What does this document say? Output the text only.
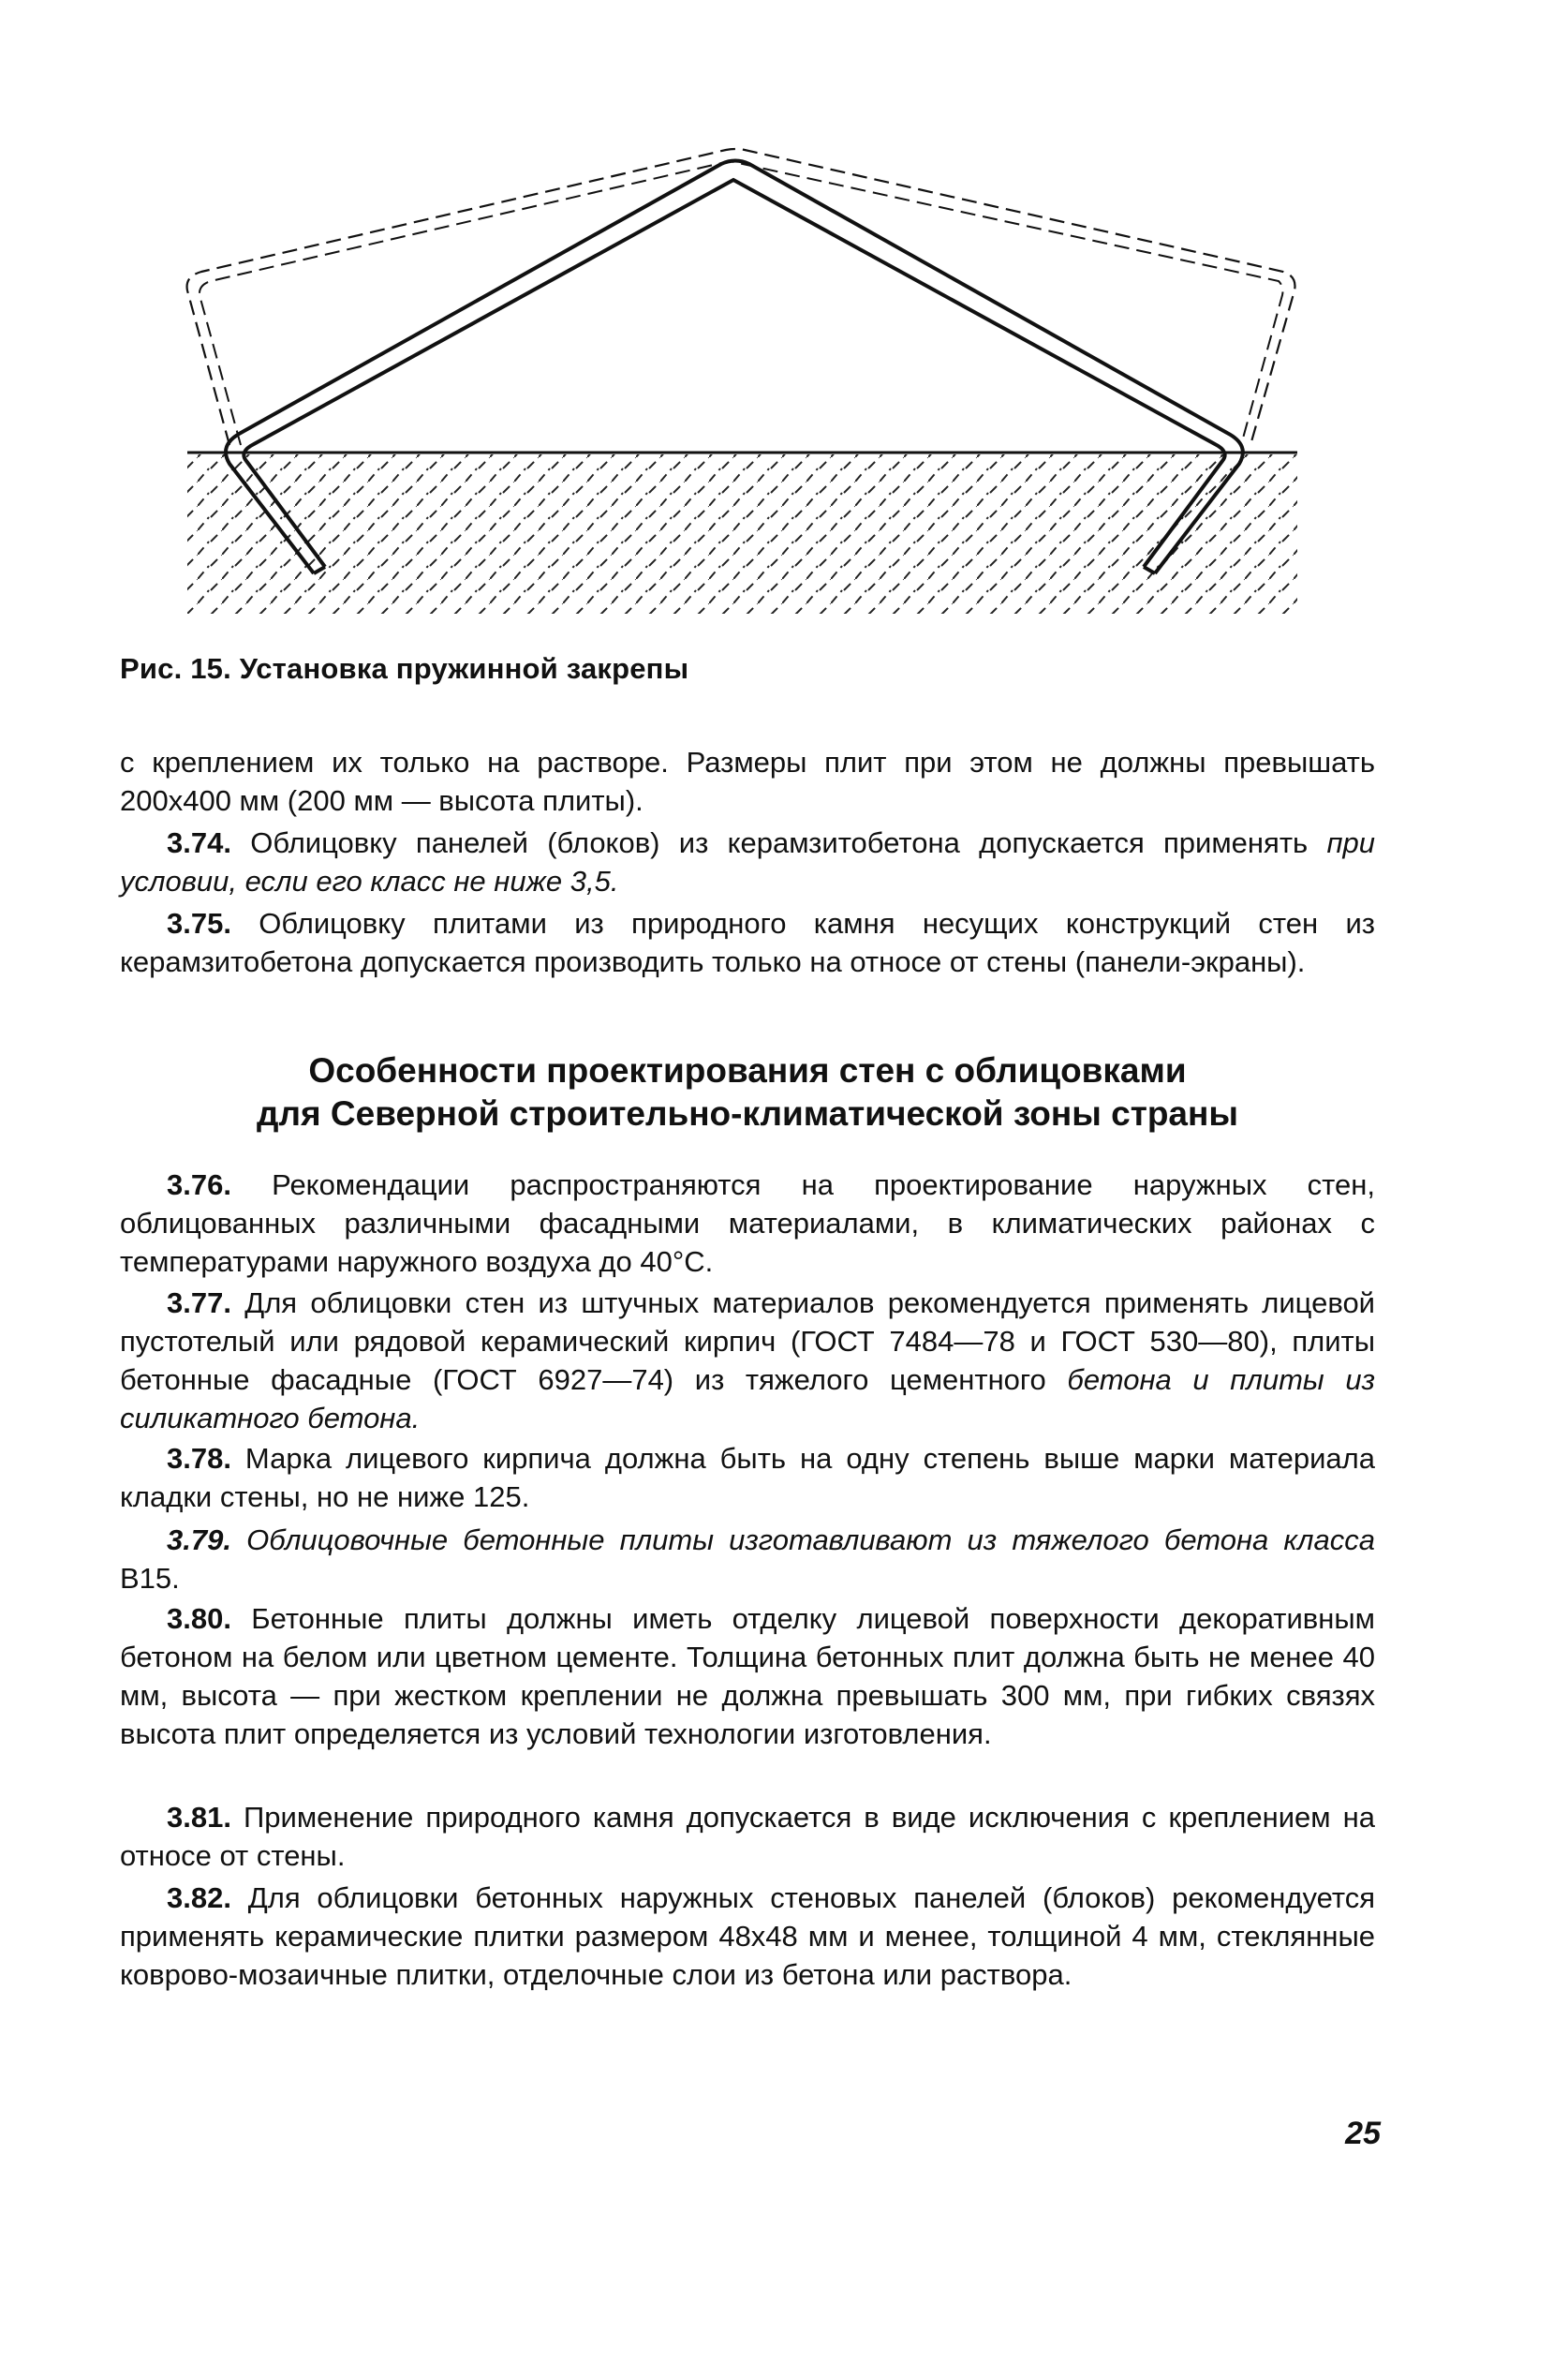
Рис. 15. Установка пружинной закрепы

с креплением их только на растворе. Размеры плит при этом не должны превышать 200х400 мм (200 мм — высота плиты).

3.74. Облицовку панелей (блоков) из керамзитобетона допускается применять при условии, если его класс не ниже 3,5.

3.75. Облицовку плитами из природного камня несущих конструкций стен из керамзитобетона допускается производить только на относе от стены (панели-экраны).

Особенности проектирования стен с облицовками
для Северной строительно-климатической зоны страны

3.76. Рекомендации распространяются на проектирование наружных стен, облицованных различными фасадными материалами, в климатических районах с температурами наружного воздуха до 40°С.

3.77. Для облицовки стен из штучных материалов рекомендуется применять лицевой пустотелый или рядовой керамический кирпич (ГОСТ 7484—78 и ГОСТ 530—80), плиты бетонные фасадные (ГОСТ 6927—74) из тяжелого цементного бетона и плиты из силикатного бетона.

3.78. Марка лицевого кирпича должна быть на одну степень выше марки материала кладки стены, но не ниже 125.

3.79. Облицовочные бетонные плиты изготавливают из тяжелого бетона класса В15.

3.80. Бетонные плиты должны иметь отделку лицевой поверхности декоративным бетоном на белом или цветном цементе. Толщина бетонных плит должна быть не менее 40 мм, высота — при жестком креплении не должна превышать 300 мм, при гибких связях высота плит определяется из условий технологии изготовления.

3.81. Применение природного камня допускается в виде исключения с креплением на относе от стены.

3.82. Для облицовки бетонных наружных стеновых панелей (блоков) рекомендуется применять керамические плитки размером 48х48 мм и менее, толщиной 4 мм, стеклянные ковровo-мозаичные плитки, отделочные слои из бетона или раствора.

25
